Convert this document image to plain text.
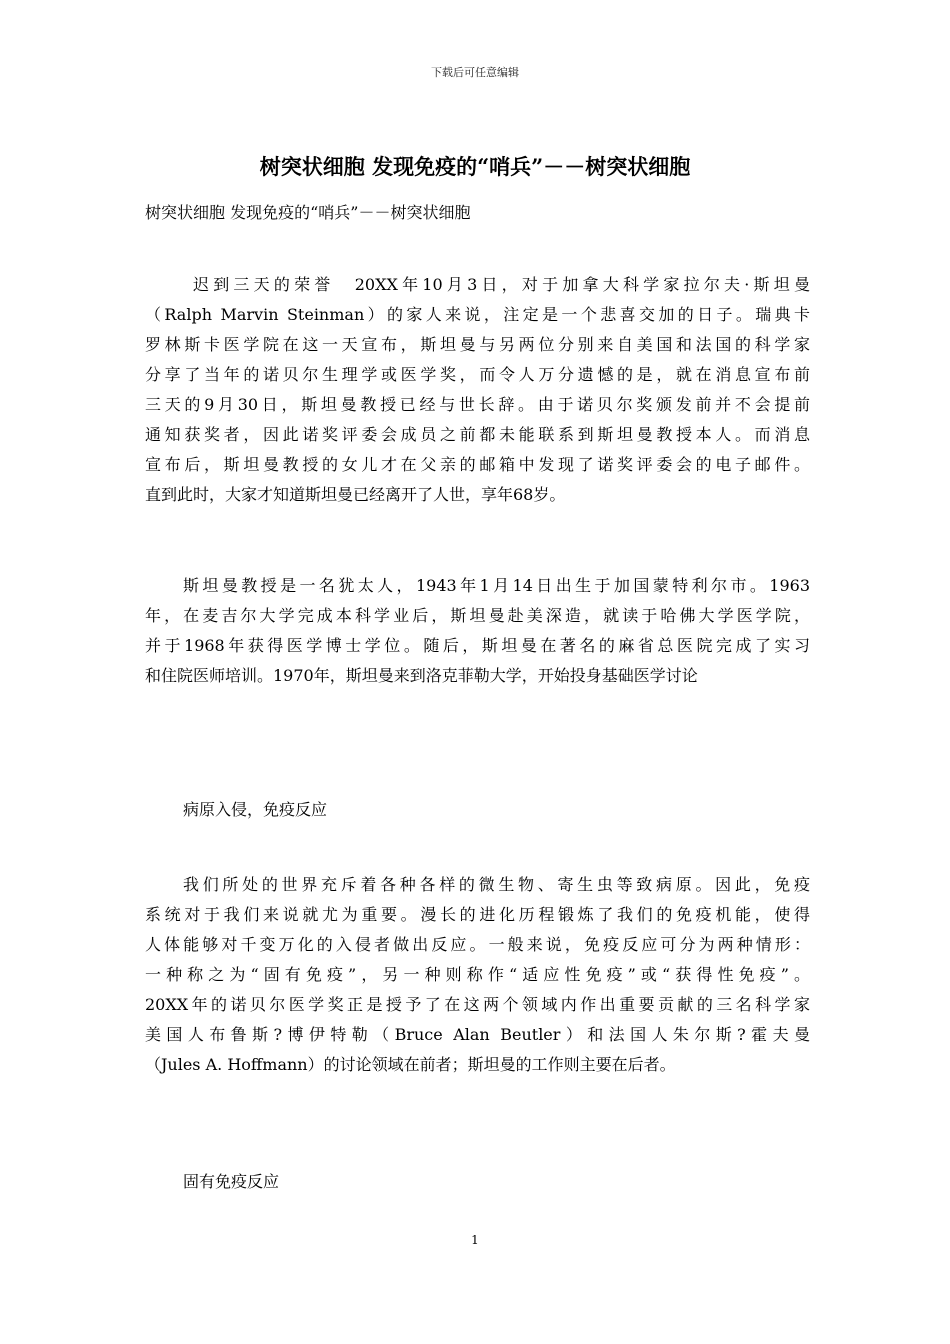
下载后可任意编辑
树突状细胞 发现免疫的“哨兵”－－树突状细胞
树突状细胞 发现免疫的“哨兵”－－树突状细胞
迟到三天的荣誉　20XX年10月3日，对于加拿大科学家拉尔夫·斯坦曼
（Ralph Marvin Steinman）的家人来说，注定是一个悲喜交加的日子。瑞典卡
罗林斯卡医学院在这一天宣布，斯坦曼与另两位分别来自美国和法国的科学家
分享了当年的诺贝尔生理学或医学奖，而令人万分遗憾的是，就在消息宣布前
三天的9月30日，斯坦曼教授已经与世长辞。由于诺贝尔奖颁发前并不会提前
通知获奖者，因此诺奖评委会成员之前都未能联系到斯坦曼教授本人。而消息
宣布后，斯坦曼教授的女儿才在父亲的邮箱中发现了诺奖评委会的电子邮件。
直到此时，大家才知道斯坦曼已经离开了人世，享年68岁。
斯坦曼教授是一名犹太人，1943年1月14日出生于加国蒙特利尔市。1963
年，在麦吉尔大学完成本科学业后，斯坦曼赴美深造，就读于哈佛大学医学院，
并于1968年获得医学博士学位。随后，斯坦曼在著名的麻省总医院完成了实习
和住院医师培训。1970年，斯坦曼来到洛克菲勒大学，开始投身基础医学讨论
病原入侵，免疫反应
我们所处的世界充斥着各种各样的微生物、寄生虫等致病原。因此，免疫
系统对于我们来说就尤为重要。漫长的进化历程锻炼了我们的免疫机能，使得
人体能够对千变万化的入侵者做出反应。一般来说，免疫反应可分为两种情形：
一种称之为“固有免疫”，另一种则称作“适应性免疫”或“获得性免疫”。
20XX年的诺贝尔医学奖正是授予了在这两个领域内作出重要贡献的三名科学家
美国人布鲁斯?博伊特勒（Bruce Alan Beutler）和法国人朱尔斯?霍夫曼
（Jules A. Hoffmann）的讨论领域在前者；斯坦曼的工作则主要在后者。
固有免疫反应
1
